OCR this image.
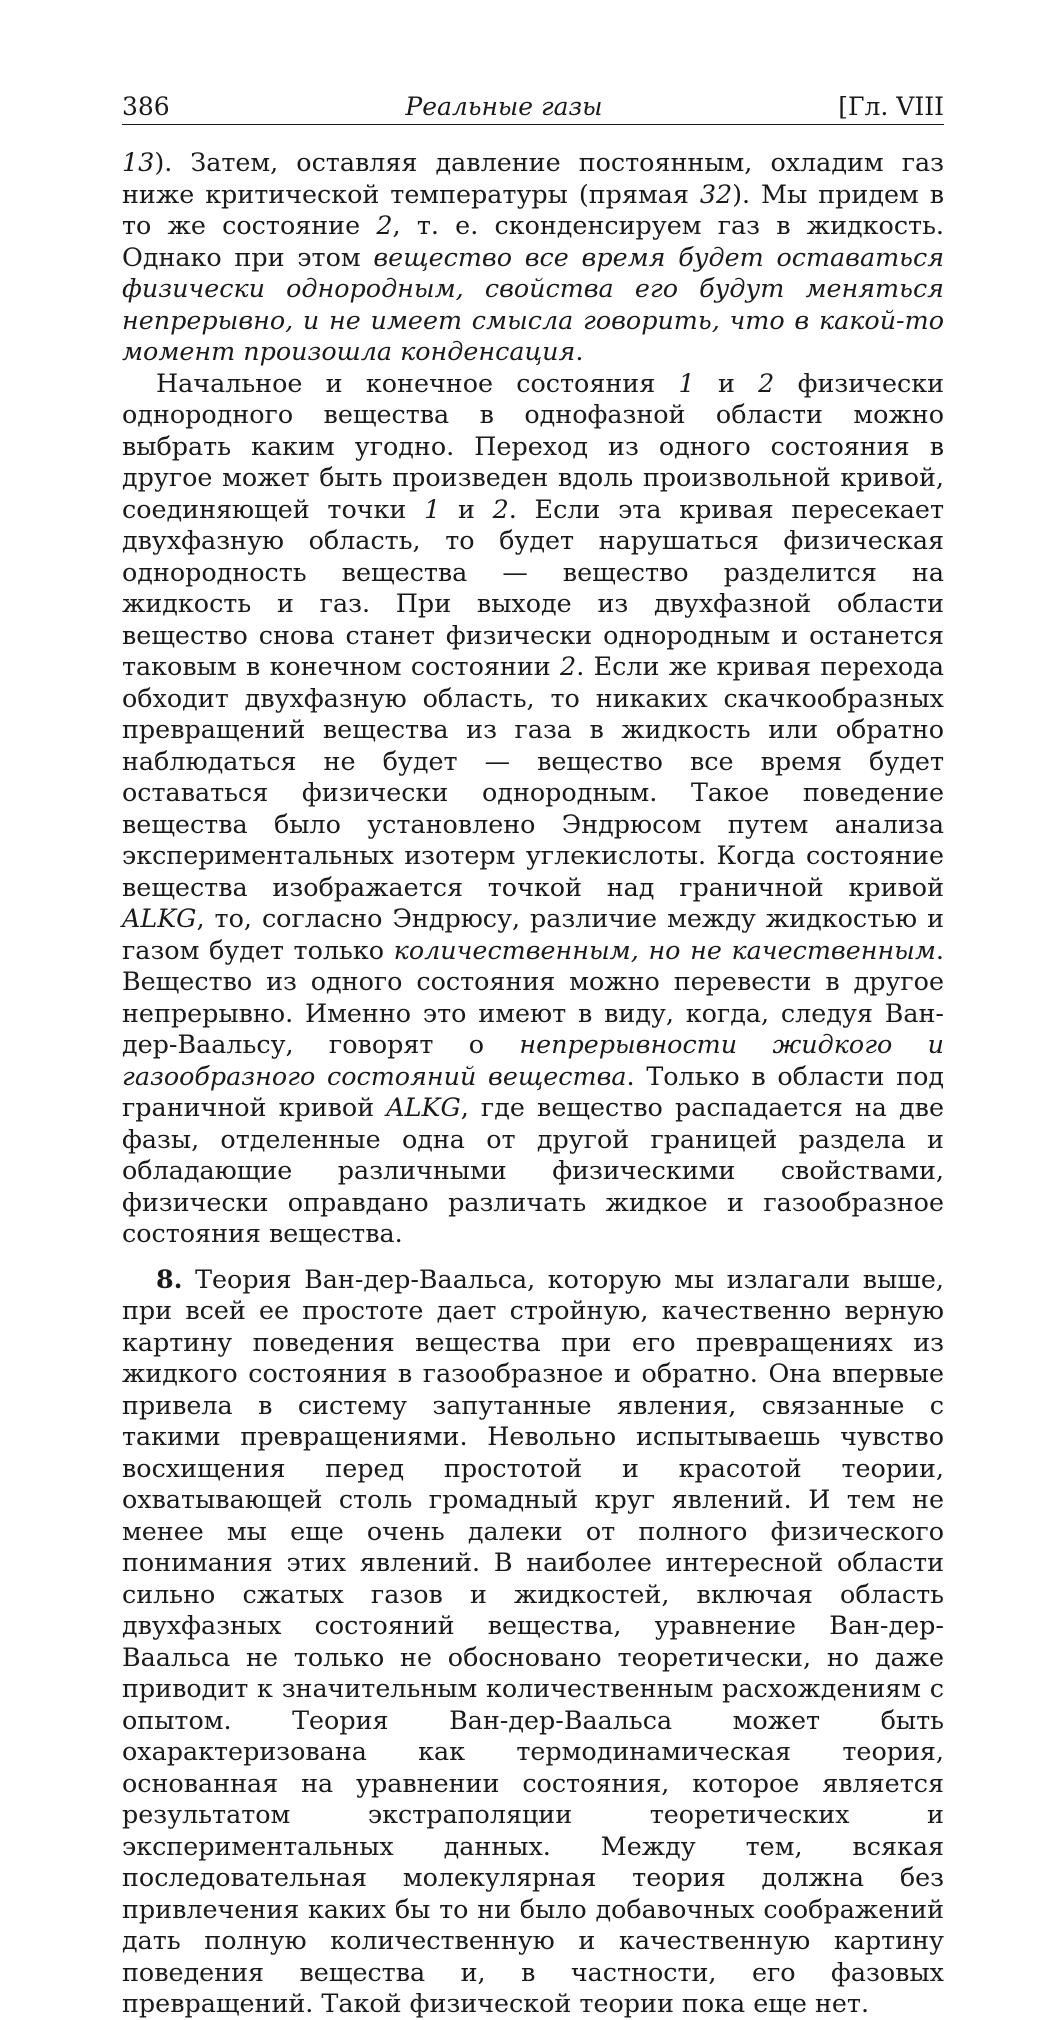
386	Реальные газы	[Гл. VIII

13). Затем, оставляя давление постоянным, охладим газ ниже критической температуры (прямая 32). Мы придем в то же состояние 2, т. е. сконденсируем газ в жидкость. Однако при этом вещество все время будет оставаться физически однородным, свойства его будут меняться непрерывно, и не имеет смысла говорить, что в какой-то момент произошла конденсация.

Начальное и конечное состояния 1 и 2 физически однородного вещества в однофазной области можно выбрать каким угодно. Переход из одного состояния в другое может быть произведен вдоль произвольной кривой, соединяющей точки 1 и 2. Если эта кривая пересекает двухфазную область, то будет нарушаться физическая однородность вещества — вещество разделится на жидкость и газ. При выходе из двухфазной области вещество снова станет физически однородным и останется таковым в конечном состоянии 2. Если же кривая перехода обходит двухфазную область, то никаких скачкообразных превращений вещества из газа в жидкость или обратно наблюдаться не будет — вещество все время будет оставаться физически однородным. Такое поведение вещества было установлено Эндрюсом путем анализа экспериментальных изотерм углекислоты. Когда состояние вещества изображается точкой над граничной кривой ALKG, то, согласно Эндрюсу, различие между жидкостью и газом будет только количественным, но не качественным. Вещество из одного состояния можно перевести в другое непрерывно. Именно это имеют в виду, когда, следуя Ван-дер-Ваальсу, говорят о непрерывности жидкого и газообразного состояний вещества. Только в области под граничной кривой ALKG, где вещество распадается на две фазы, отделенные одна от другой границей раздела и обладающие различными физическими свойствами, физически оправдано различать жидкое и газообразное состояния вещества.

8. Теория Ван-дер-Ваальса, которую мы излагали выше, при всей ее простоте дает стройную, качественно верную картину поведения вещества при его превращениях из жидкого состояния в газообразное и обратно. Она впервые привела в систему запутанные явления, связанные с такими превращениями. Невольно испытываешь чувство восхищения перед простотой и красотой теории, охватывающей столь громадный круг явлений. И тем не менее мы еще очень далеки от полного физического понимания этих явлений. В наиболее интересной области сильно сжатых газов и жидкостей, включая область двухфазных состояний вещества, уравнение Ван-дер-Ваальса не только не обосновано теоретически, но даже приводит к значительным количественным расхождениям с опытом. Теория Ван-дер-Ваальса может быть охарактеризована как термодинамическая теория, основанная на уравнении состояния, которое является результатом экстраполяции теоретических и экспериментальных данных. Между тем, всякая последовательная молекулярная теория должна без привлечения каких бы то ни было добавочных соображений дать полную количественную и качественную картину поведения вещества и, в частности, его фазовых превращений. Такой физической теории пока еще нет.
